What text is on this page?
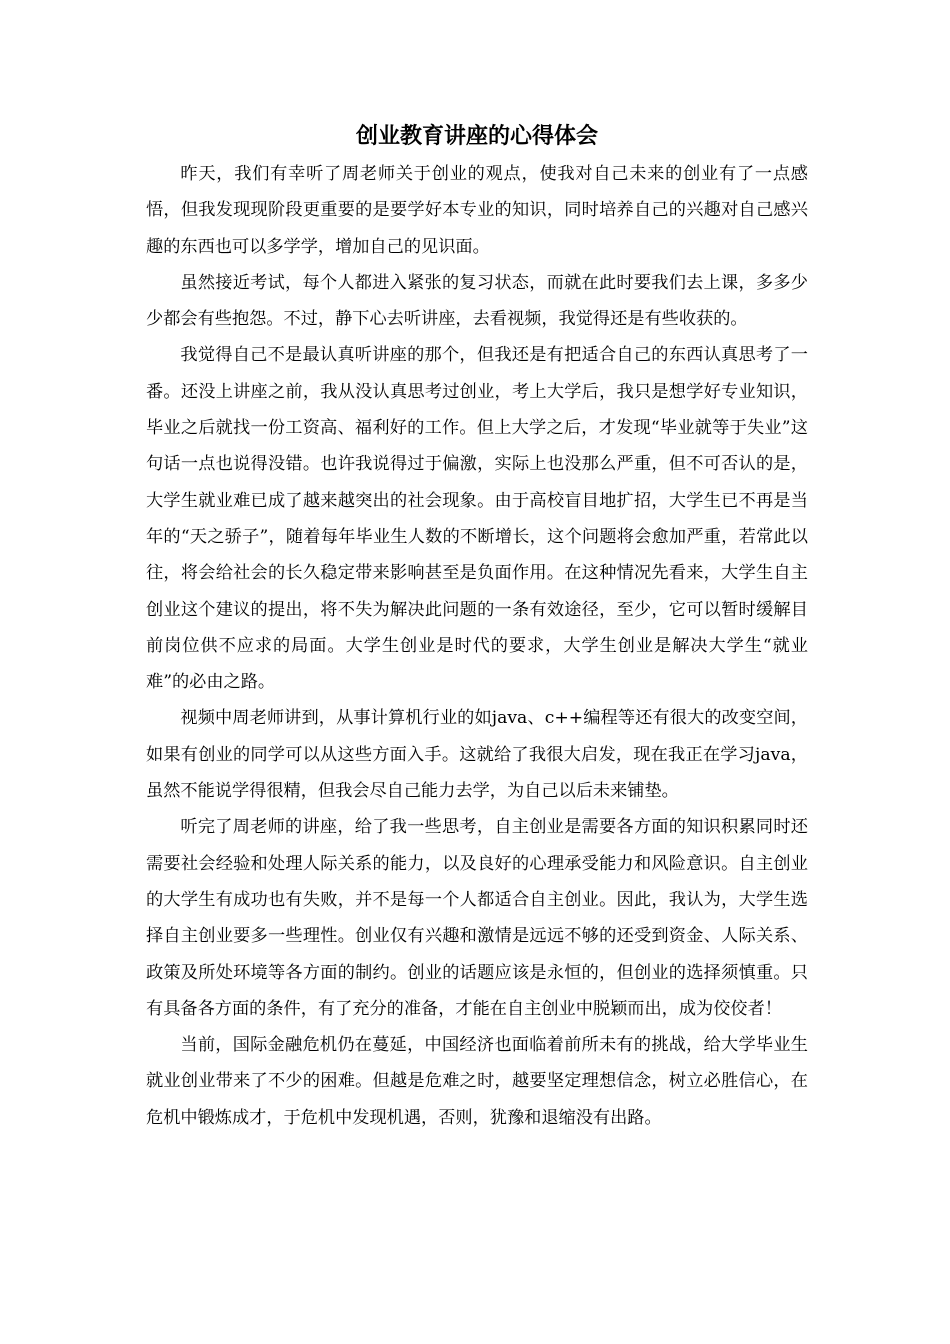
创业教育讲座的心得体会

昨天，我们有幸听了周老师关于创业的观点，使我对自己未来的创业有了一点感悟，但我发现现阶段更重要的是要学好本专业的知识，同时培养自己的兴趣对自己感兴趣的东西也可以多学学，增加自己的见识面。

虽然接近考试，每个人都进入紧张的复习状态，而就在此时要我们去上课，多多少少都会有些抱怨。不过，静下心去听讲座，去看视频，我觉得还是有些收获的。

我觉得自己不是最认真听讲座的那个，但我还是有把适合自己的东西认真思考了一番。还没上讲座之前，我从没认真思考过创业，考上大学后，我只是想学好专业知识，毕业之后就找一份工资高、福利好的工作。但上大学之后，才发现“毕业就等于失业”这句话一点也说得没错。也许我说得过于偏激，实际上也没那么严重，但不可否认的是，大学生就业难已成了越来越突出的社会现象。由于高校盲目地扩招，大学生已不再是当年的“天之骄子”，随着每年毕业生人数的不断增长，这个问题将会愈加严重，若常此以往，将会给社会的长久稳定带来影响甚至是负面作用。在这种情况先看来，大学生自主创业这个建议的提出，将不失为解决此问题的一条有效途径，至少，它可以暂时缓解目前岗位供不应求的局面。大学生创业是时代的要求，大学生创业是解决大学生“就业难”的必由之路。

视频中周老师讲到，从事计算机行业的如java、c++编程等还有很大的改变空间，如果有创业的同学可以从这些方面入手。这就给了我很大启发，现在我正在学习java，虽然不能说学得很精，但我会尽自己能力去学，为自己以后未来铺垫。

听完了周老师的讲座，给了我一些思考，自主创业是需要各方面的知识积累同时还需要社会经验和处理人际关系的能力，以及良好的心理承受能力和风险意识。自主创业的大学生有成功也有失败，并不是每一个人都适合自主创业。因此，我认为，大学生选择自主创业要多一些理性。创业仅有兴趣和激情是远远不够的还受到资金、人际关系、政策及所处环境等各方面的制约。创业的话题应该是永恒的，但创业的选择须慎重。只有具备各方面的条件，有了充分的准备，才能在自主创业中脱颖而出，成为佼佼者！

当前，国际金融危机仍在蔓延，中国经济也面临着前所未有的挑战，给大学毕业生就业创业带来了不少的困难。但越是危难之时，越要坚定理想信念，树立必胜信心，在危机中锻炼成才，于危机中发现机遇，否则，犹豫和退缩没有出路。
